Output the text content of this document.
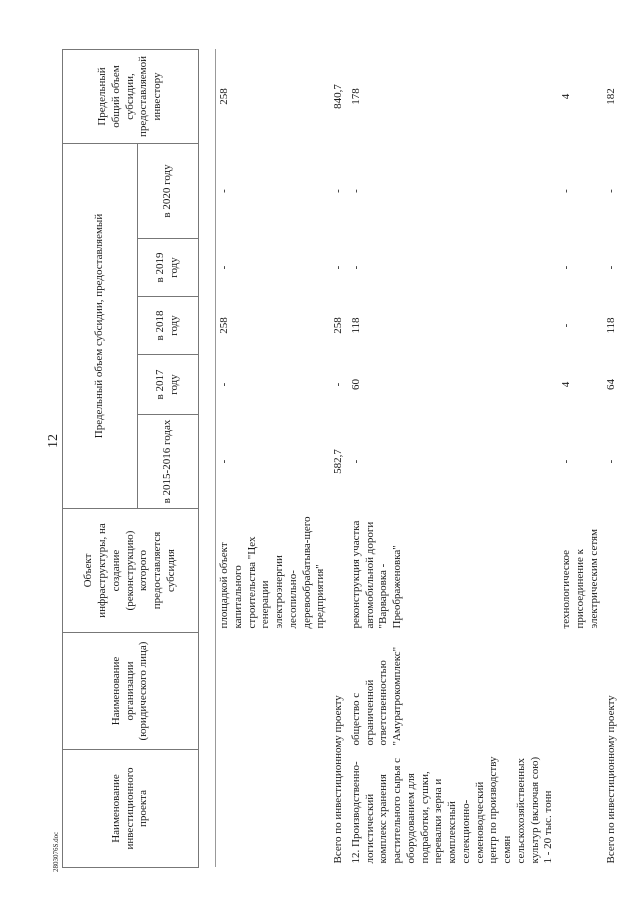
12
2803076S.doc
Наименование инвестиционного проекта	Наименование организации (юридического лица)	Объект инфраструктуры, на создание (реконструкцию) которого предоставляется субсидия	Предельный объем субсидии, предоставляемый					Предельный общий объем субсидии, предоставляемой инвестору
			в 2015-2016 годах	в 2017 году	в 2018 году	в 2019 году	в 2020 году	

		площадкой объект капитального строительства "Цех генерации электроэнергии лесопильно-деревообрабатыва-щего предприятия"	-	-	258	-	-	258
Всего по инвестиционному проекту			582,7	-	258	-	-	840,7
12. Производственно-логистический комплекс хранения растительного сырья с оборудованием для подработки, сушки, перевалки зерна и комплексный селекционно-семеноводческий центр по производству семян сельскохозяйственных культур (включая сою) 1 - 20 тыс. тонн	общество с ограниченной ответственностью "Амуратрокомплекс"	реконструкция участка автомобильной дороги "Варваровка - Преображеновка"	-	60	118	-	-	178
		технологическое присоединение к электрическим сетям	-	4	-	-	-	4
Всего по инвестиционному проекту			-	64	118	-	-	182
